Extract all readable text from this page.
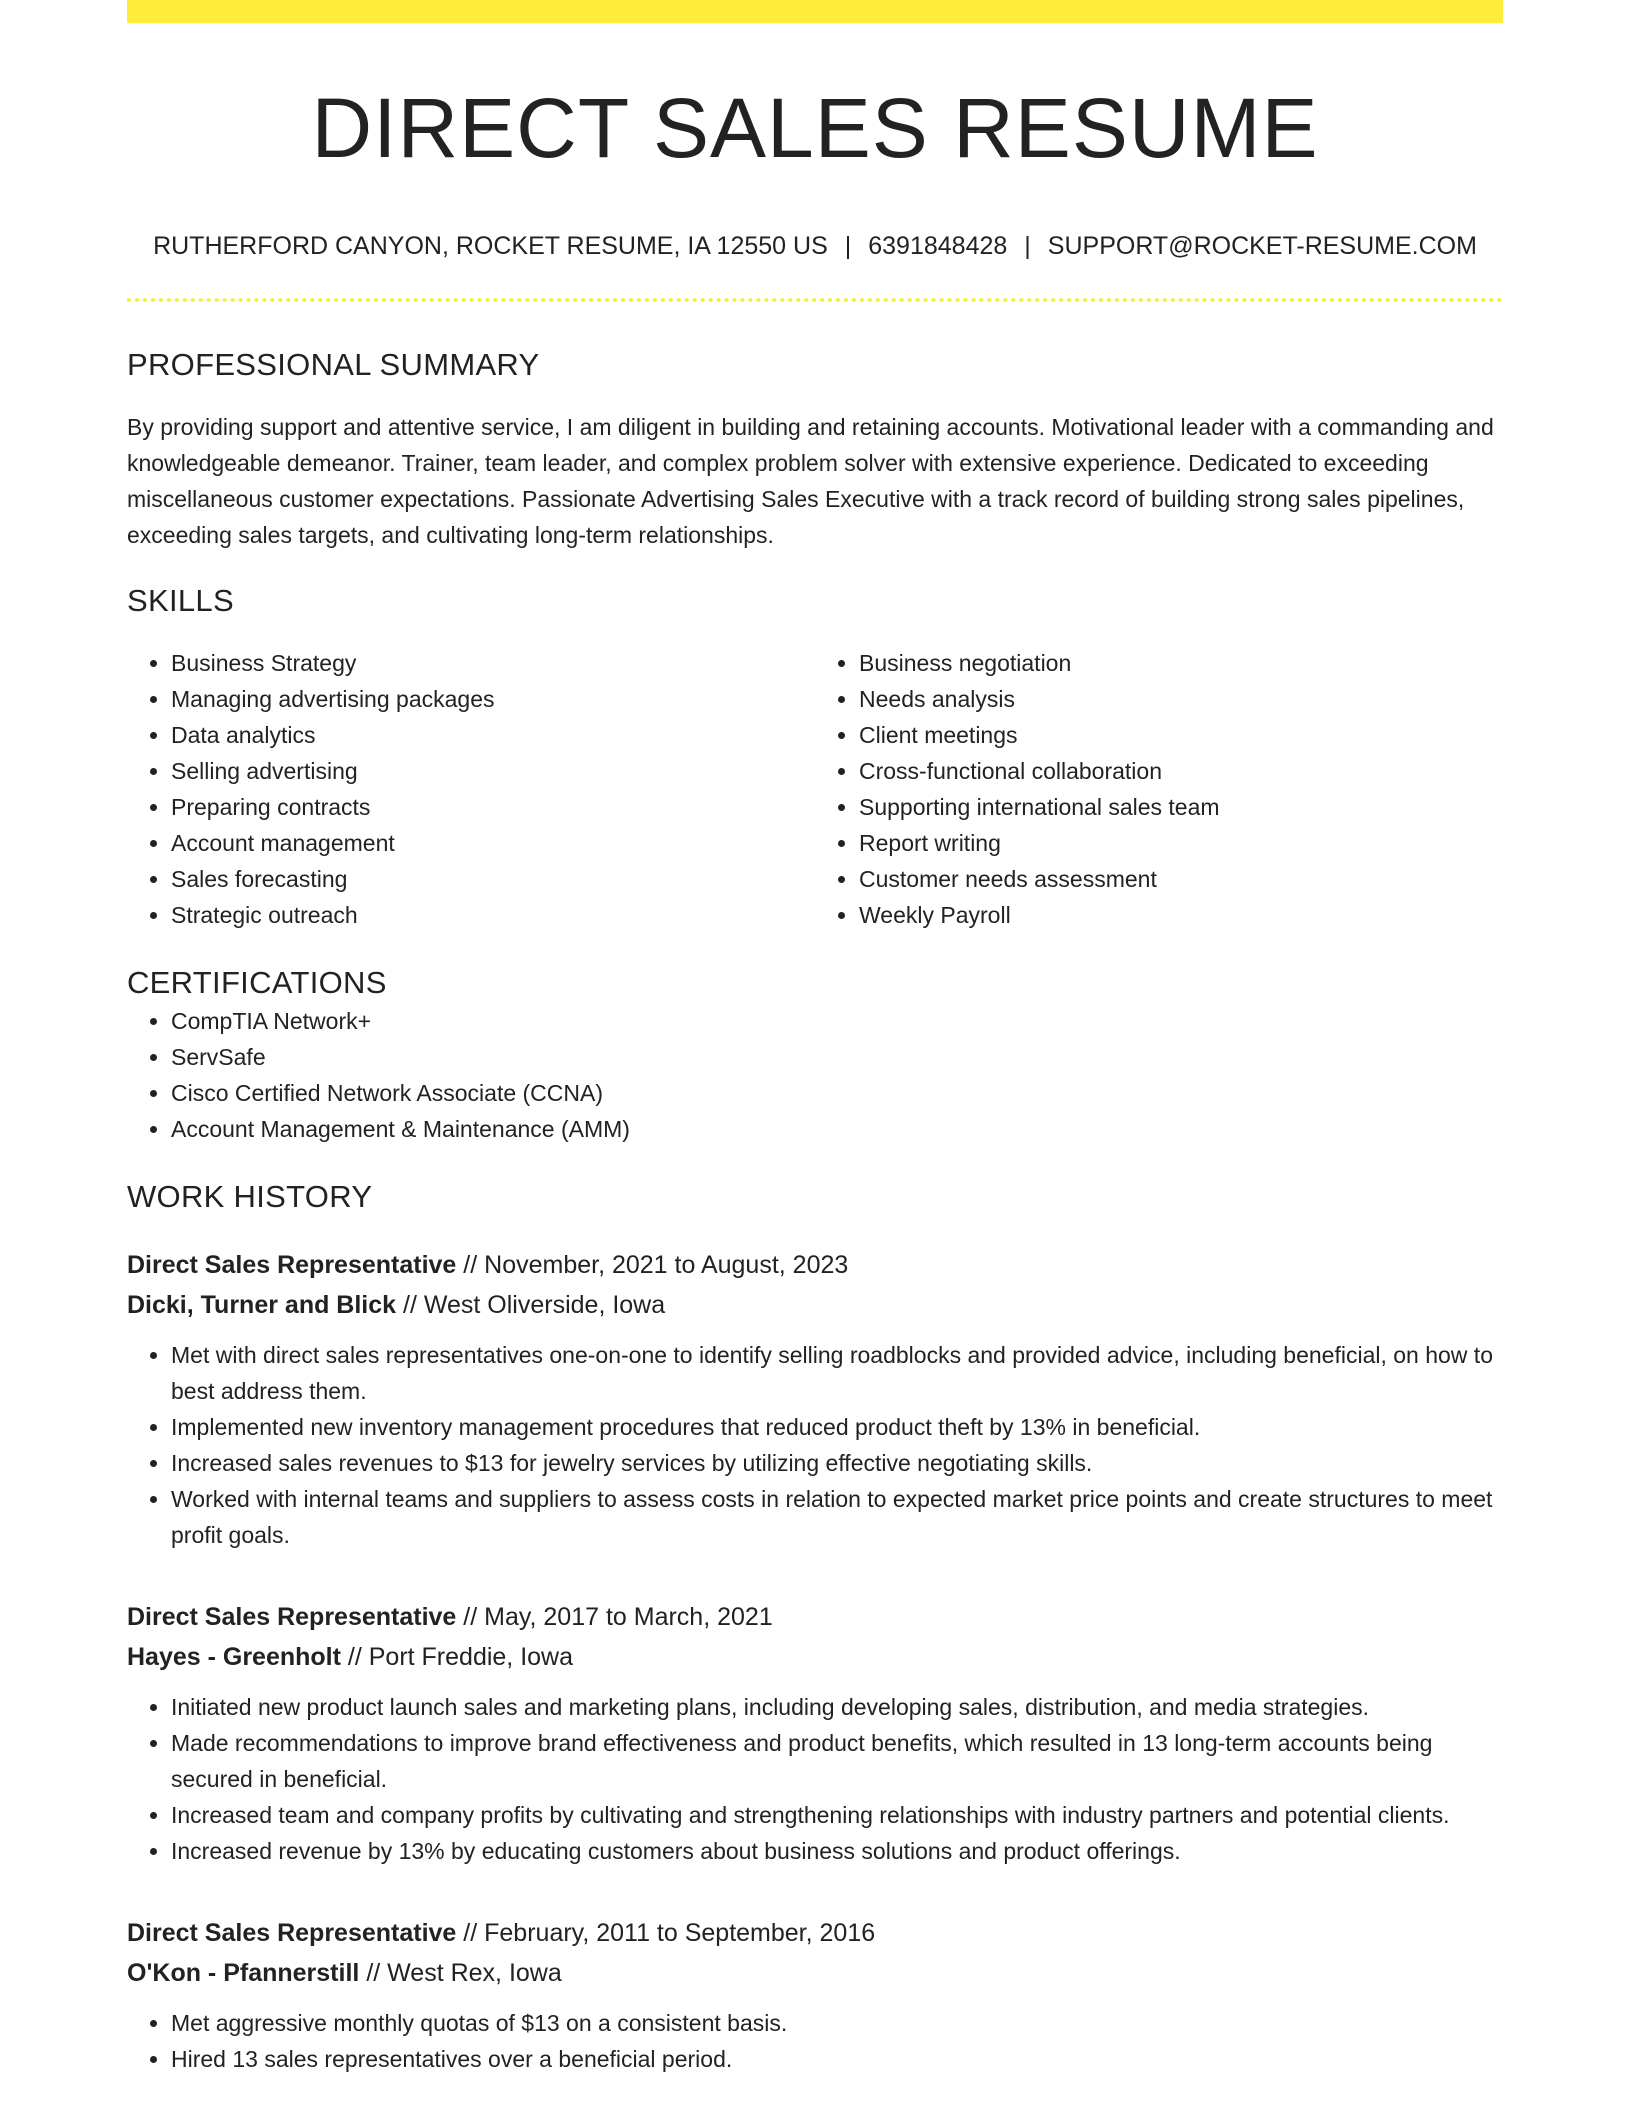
DIRECT SALES RESUME
RUTHERFORD CANYON, ROCKET RESUME, IA 12550 US | 6391848428 | SUPPORT@ROCKET-RESUME.COM
PROFESSIONAL SUMMARY

By providing support and attentive service, I am diligent in building and retaining accounts. Motivational leader with a commanding and knowledgeable demeanor. Trainer, team leader, and complex problem solver with extensive experience. Dedicated to exceeding miscellaneous customer expectations. Passionate Advertising Sales Executive with a track record of building strong sales pipelines, exceeding sales targets, and cultivating long-term relationships.

SKILLS
• Business Strategy
• Managing advertising packages
• Data analytics
• Selling advertising
• Preparing contracts
• Account management
• Sales forecasting
• Strategic outreach
• Business negotiation
• Needs analysis
• Client meetings
• Cross-functional collaboration
• Supporting international sales team
• Report writing
• Customer needs assessment
• Weekly Payroll
CERTIFICATIONS
• CompTIA Network+
• ServSafe
• Cisco Certified Network Associate (CCNA)
• Account Management & Maintenance (AMM)
WORK HISTORY
Direct Sales Representative // November, 2021 to August, 2023
Dicki, Turner and Blick // West Oliverside, Iowa
• Met with direct sales representatives one-on-one to identify selling roadblocks and provided advice, including beneficial, on how to best address them.
• Implemented new inventory management procedures that reduced product theft by 13% in beneficial.
• Increased sales revenues to $13 for jewelry services by utilizing effective negotiating skills.
• Worked with internal teams and suppliers to assess costs in relation to expected market price points and create structures to meet profit goals.
Direct Sales Representative // May, 2017 to March, 2021
Hayes - Greenholt // Port Freddie, Iowa
• Initiated new product launch sales and marketing plans, including developing sales, distribution, and media strategies.
• Made recommendations to improve brand effectiveness and product benefits, which resulted in 13 long-term accounts being secured in beneficial.
• Increased team and company profits by cultivating and strengthening relationships with industry partners and potential clients.
• Increased revenue by 13% by educating customers about business solutions and product offerings.
Direct Sales Representative // February, 2011 to September, 2016
O'Kon - Pfannerstill // West Rex, Iowa
• Met aggressive monthly quotas of $13 on a consistent basis.
• Hired 13 sales representatives over a beneficial period.
